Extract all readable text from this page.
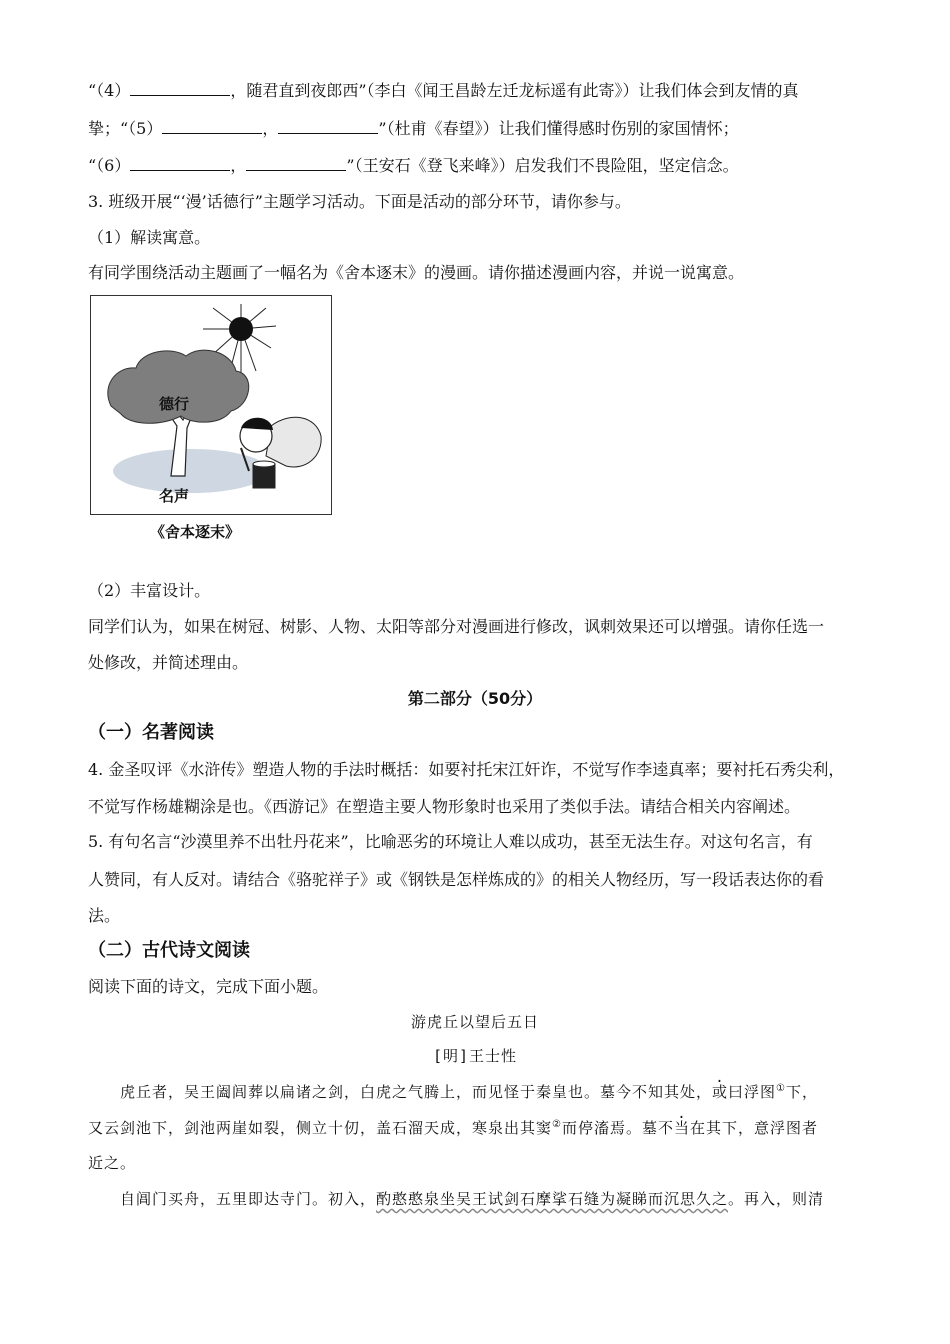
“（4）	，随君直到夜郎西”（李白《闻王昌龄左迁龙标遥有此寄》）让我们体会到友情的真
挚；“（5）	，	”（杜甫《春望》）让我们懂得感时伤别的家国情怀；
“（6）	，	”（王安石《登飞来峰》）启发我们不畏险阻，坚定信念。
3. 班级开展“‘漫’话德行”主题学习活动。下面是活动的部分环节，请你参与。
（1）解读寓意。
有同学围绕活动主题画了一幅名为《舍本逐末》的漫画。请你描述漫画内容，并说一说寓意。
德行
名声
《舍本逐末》
（2）丰富设计。
同学们认为，如果在树冠、树影、人物、太阳等部分对漫画进行修改，讽刺效果还可以增强。请你任选一
处修改，并简述理由。
第二部分（50分）
（一）名著阅读
4. 金圣叹评《水浒传》塑造人物的手法时概括：如要衬托宋江奸诈，不觉写作李逵真率；要衬托石秀尖利，
不觉写作杨雄糊涂是也。《西游记》在塑造主要人物形象时也采用了类似手法。请结合相关内容阐述。
5. 有句名言“沙漠里养不出牡丹花来”，比喻恶劣的环境让人难以成功，甚至无法生存。对这句名言，有
人赞同，有人反对。请结合《骆驼祥子》或《钢铁是怎样炼成的》的相关人物经历，写一段话表达你的看
法。
（二）古代诗文阅读
阅读下面的诗文，完成下面小题。
游虎丘以望后五日
[明]王士性
虎丘者，吴王阖闾葬以扁诸之剑，白虎之气腾上，而见怪于秦皇也。墓今不知其处，或曰浮图①下，
又云剑池下，剑池两崖如裂，侧立十仞，盖石溜天成，寒泉出其窦②而停滀焉。墓不当在其下，意浮图者
近之。
自阊门买舟，五里即达寺门。初入，酌憨憨泉坐吴王试剑石摩挲石缝为凝睇而沉思久之。再入，则清
